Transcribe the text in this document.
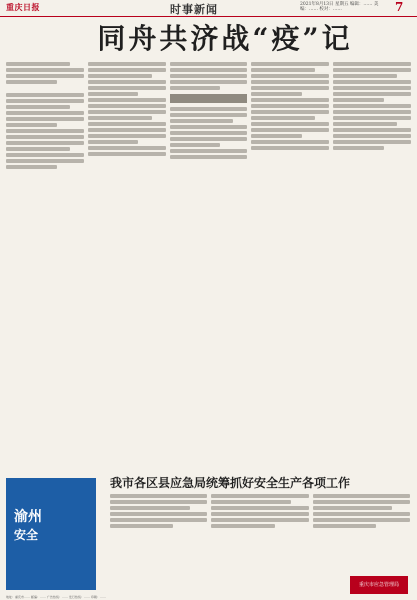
重庆日报	时事新闻	2021年8月13日 星期五 编辑：…… 美编：…… 校对：……	7
同舟共济战“疫”记
渝州
安全
我市各区县应急局统筹抓好安全生产各项工作
重庆市应急管理局
地址：重庆市…… 邮编：…… 广告热线：…… 发行热线：…… 印刷：……
